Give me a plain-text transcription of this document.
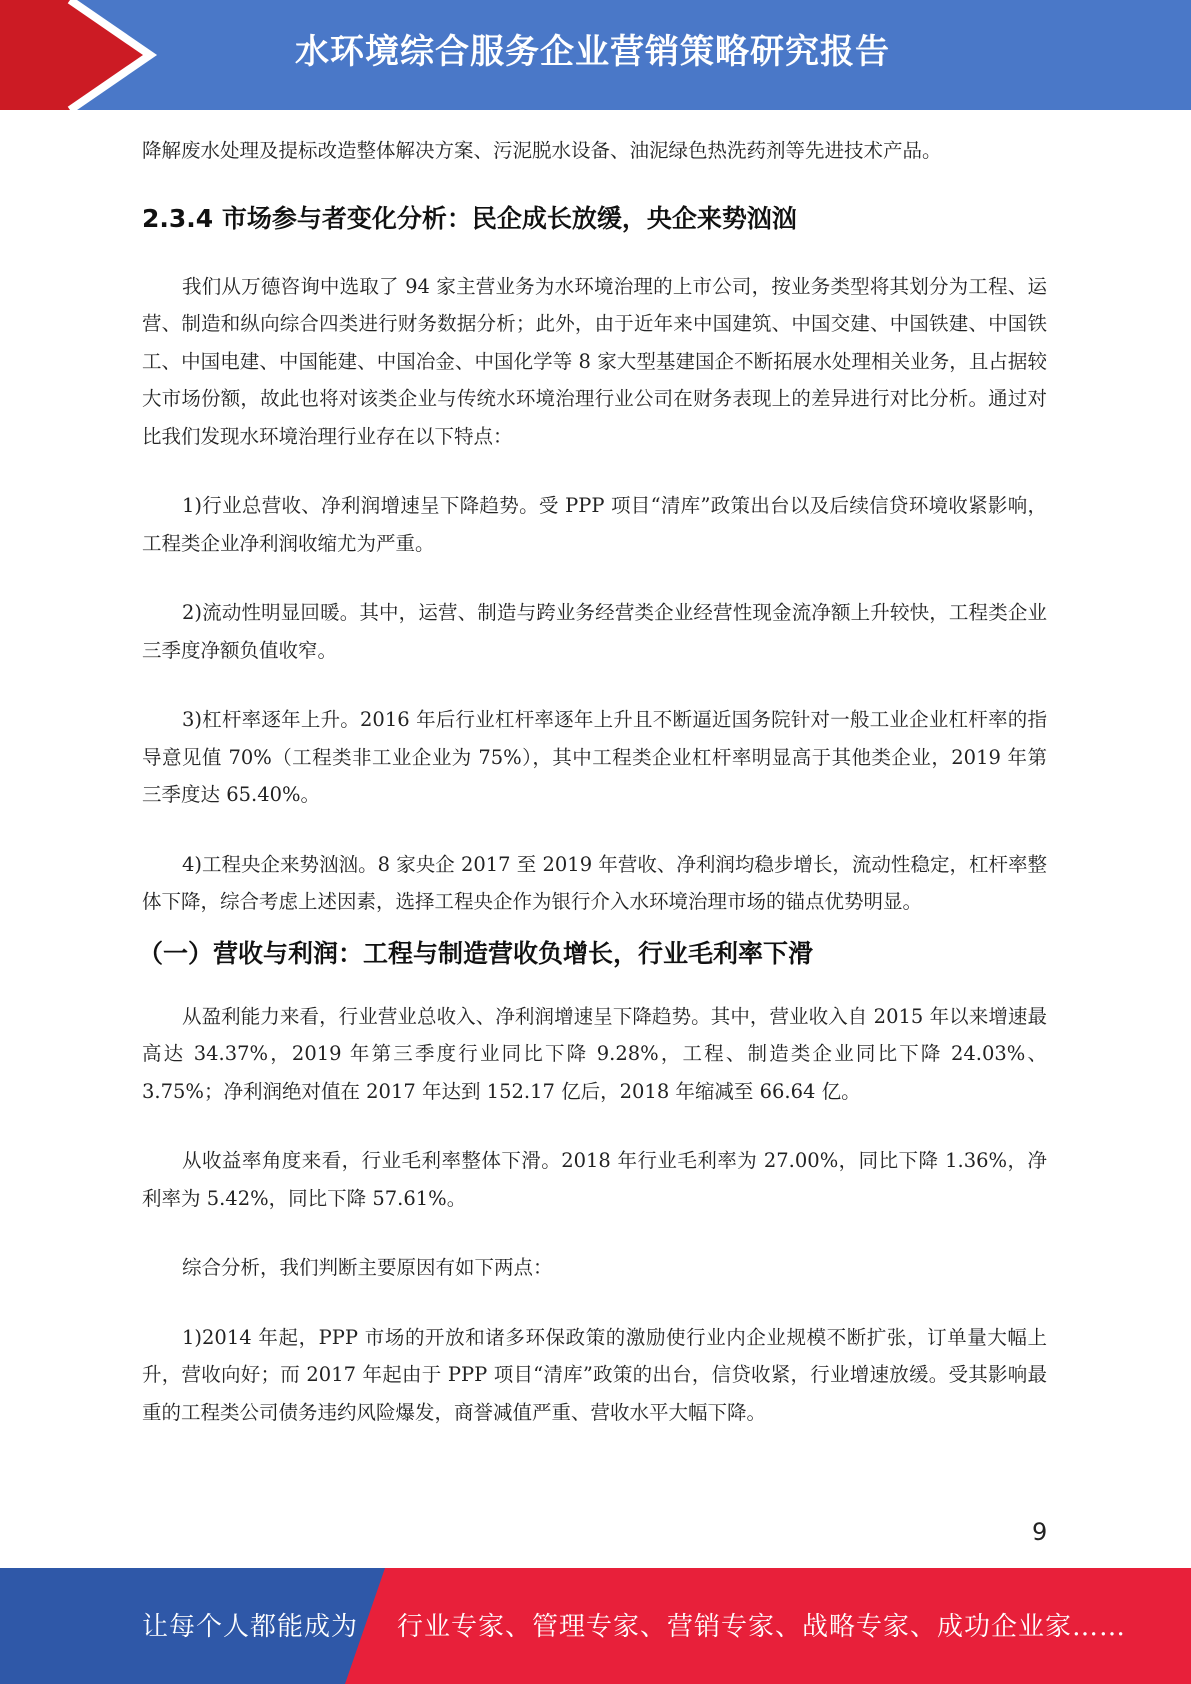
水环境综合服务企业营销策略研究报告

降解废水处理及提标改造整体解决方案、污泥脱水设备、油泥绿色热洗药剂等先进技术产品。

2.3.4 市场参与者变化分析：民企成长放缓，央企来势汹汹

我们从万德咨询中选取了 94 家主营业务为水环境治理的上市公司，按业务类型将其划分为工程、运营、制造和纵向综合四类进行财务数据分析；此外，由于近年来中国建筑、中国交建、中国铁建、中国铁工、中国电建、中国能建、中国冶金、中国化学等 8 家大型基建国企不断拓展水处理相关业务，且占据较大市场份额，故此也将对该类企业与传统水环境治理行业公司在财务表现上的差异进行对比分析。通过对比我们发现水环境治理行业存在以下特点：

1)行业总营收、净利润增速呈下降趋势。受 PPP 项目“清库”政策出台以及后续信贷环境收紧影响，工程类企业净利润收缩尤为严重。

2)流动性明显回暖。其中，运营、制造与跨业务经营类企业经营性现金流净额上升较快，工程类企业三季度净额负值收窄。

3)杠杆率逐年上升。2016 年后行业杠杆率逐年上升且不断逼近国务院针对一般工业企业杠杆率的指导意见值 70%（工程类非工业企业为 75%），其中工程类企业杠杆率明显高于其他类企业，2019 年第三季度达 65.40%。

4)工程央企来势汹汹。8 家央企 2017 至 2019 年营收、净利润均稳步增长，流动性稳定，杠杆率整体下降，综合考虑上述因素，选择工程央企作为银行介入水环境治理市场的锚点优势明显。

（一）营收与利润：工程与制造营收负增长，行业毛利率下滑

从盈利能力来看，行业营业总收入、净利润增速呈下降趋势。其中，营业收入自 2015 年以来增速最高达 34.37%，2019 年第三季度行业同比下降 9.28%，工程、制造类企业同比下降 24.03%、3.75%；净利润绝对值在 2017 年达到 152.17 亿后，2018 年缩减至 66.64 亿。

从收益率角度来看，行业毛利率整体下滑。2018 年行业毛利率为 27.00%，同比下降 1.36%，净利率为 5.42%，同比下降 57.61%。

综合分析，我们判断主要原因有如下两点：

1)2014 年起，PPP 市场的开放和诸多环保政策的激励使行业内企业规模不断扩张，订单量大幅上升，营收向好；而 2017 年起由于 PPP 项目“清库”政策的出台，信贷收紧，行业增速放缓。受其影响最重的工程类公司债务违约风险爆发，商誉减值严重、营收水平大幅下降。

9
让每个人都能成为 行业专家、管理专家、营销专家、战略专家、成功企业家……
